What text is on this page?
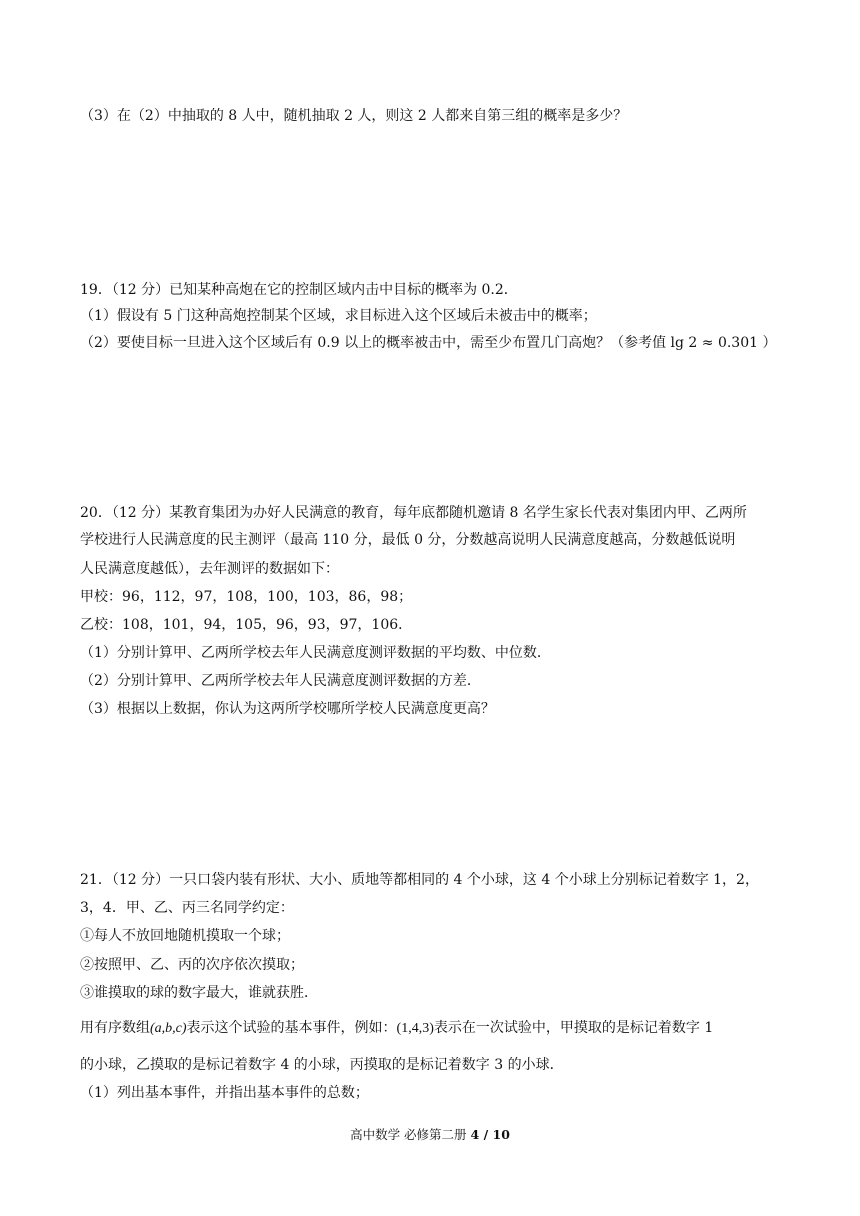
（3）在（2）中抽取的 8 人中，随机抽取 2 人，则这 2 人都来自第三组的概率是多少？
19．（12 分）已知某种高炮在它的控制区域内击中目标的概率为 0.2．
（1）假设有 5 门这种高炮控制某个区域，求目标进入这个区域后未被击中的概率；
（2）要使目标一旦进入这个区域后有 0.9 以上的概率被击中，需至少布置几门高炮？（参考值 lg 2 ≈ 0.301 ）
20．（12 分）某教育集团为办好人民满意的教育，每年底都随机邀请 8 名学生家长代表对集团内甲、乙两所
学校进行人民满意度的民主测评（最高 110 分，最低 0 分，分数越高说明人民满意度越高，分数越低说明
人民满意度越低），去年测评的数据如下：
甲校：96，112，97，108，100，103，86，98；
乙校：108，101，94，105，96，93，97，106．
（1）分别计算甲、乙两所学校去年人民满意度测评数据的平均数、中位数．
（2）分别计算甲、乙两所学校去年人民满意度测评数据的方差．
（3）根据以上数据，你认为这两所学校哪所学校人民满意度更高？
21．（12 分）一只口袋内装有形状、大小、质地等都相同的 4 个小球，这 4 个小球上分别标记着数字 1，2，
3，4．甲、乙、丙三名同学约定：
①每人不放回地随机摸取一个球；
②按照甲、乙、丙的次序依次摸取；
③谁摸取的球的数字最大，谁就获胜．
用有序数组(a,b,c)表示这个试验的基本事件，例如：(1,4,3)表示在一次试验中，甲摸取的是标记着数字 1
的小球，乙摸取的是标记着数字 4 的小球，丙摸取的是标记着数字 3 的小球．
（1）列出基本事件，并指出基本事件的总数；
高中数学 必修第二册 4 / 10
